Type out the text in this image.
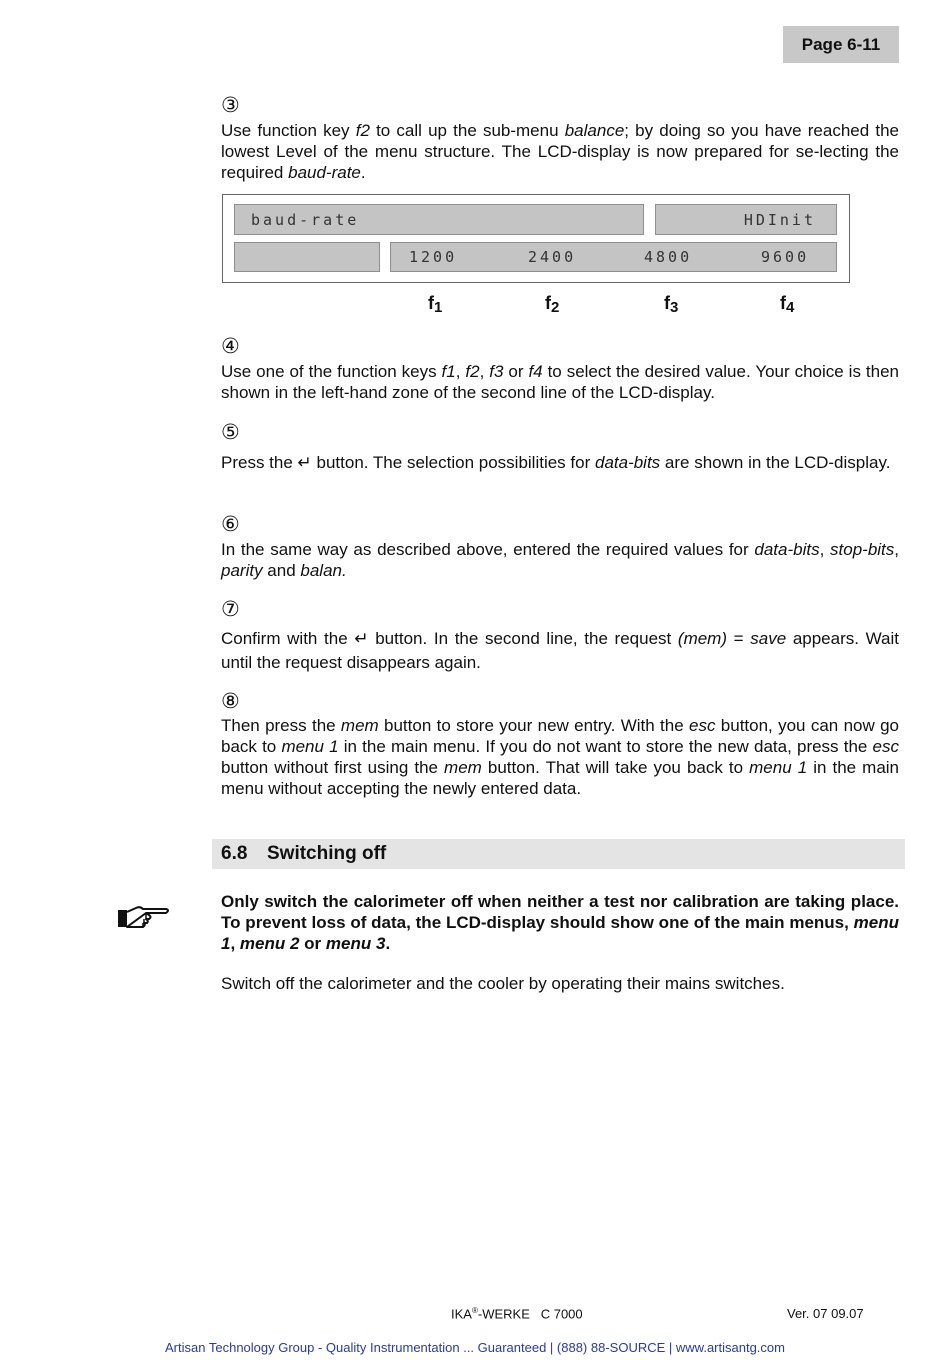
Page 6-11
③
Use function key f2 to call up the sub-menu balance; by doing so you have reached the lowest Level of the menu structure. The LCD-display is now prepared for se-lecting the required baud-rate.
baud-rate	HDInit
1200	2400	4800	9600
$f_1$	$f_2$	$f_3$	$f_4$
④
Use one of the function keys f1, f2, f3 or f4 to select the desired value. Your choice is then shown in the left-hand zone of the second line of the LCD-display.
⑤
Press the ↵ button. The selection possibilities for data-bits are shown in the LCD-display.
⑥
In the same way as described above, entered the required values for data-bits, stop-bits, parity and balan.
⑦
Confirm with the ↵ button. In the second line, the request (mem) = save appears. Wait until the request disappears again.
⑧
Then press the mem button to store your new entry. With the esc button, you can now go back to menu 1 in the main menu. If you do not want to store the new data, press the esc button without first using the mem button. That will take you back to menu 1 in the main menu without accepting the newly entered data.
6.8	Switching off
Only switch the calorimeter off when neither a test nor calibration are taking place. To prevent loss of data, the LCD-display should show one of the main menus, menu 1, menu 2 or menu 3.
Switch off the calorimeter and the cooler by operating their mains switches.
IKA®-WERKE   C 7000	Ver. 07 09.07
Artisan Technology Group - Quality Instrumentation ... Guaranteed | (888) 88-SOURCE | www.artisantg.com
